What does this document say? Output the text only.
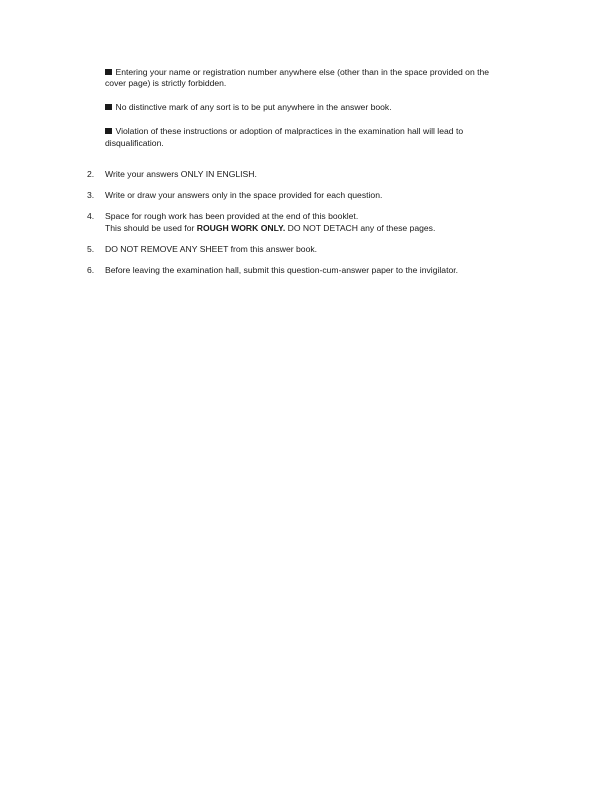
Entering your name or registration number anywhere else (other than in the space provided on the
cover page) is strictly forbidden.
No distinctive mark of any sort is to be put anywhere in the answer book.
Violation of these instructions or adoption of malpractices in the examination hall will lead to
disqualification.
2.	Write your answers ONLY IN ENGLISH.
3.	Write or draw your answers only in the space provided for each question.
4.	Space for rough work has been provided at the end of this booklet.
This should be used for ROUGH WORK ONLY. DO NOT DETACH any of these pages.
5.	DO NOT REMOVE ANY SHEET from this answer book.
6.	Before leaving the examination hall, submit this question-cum-answer paper to the invigilator.
